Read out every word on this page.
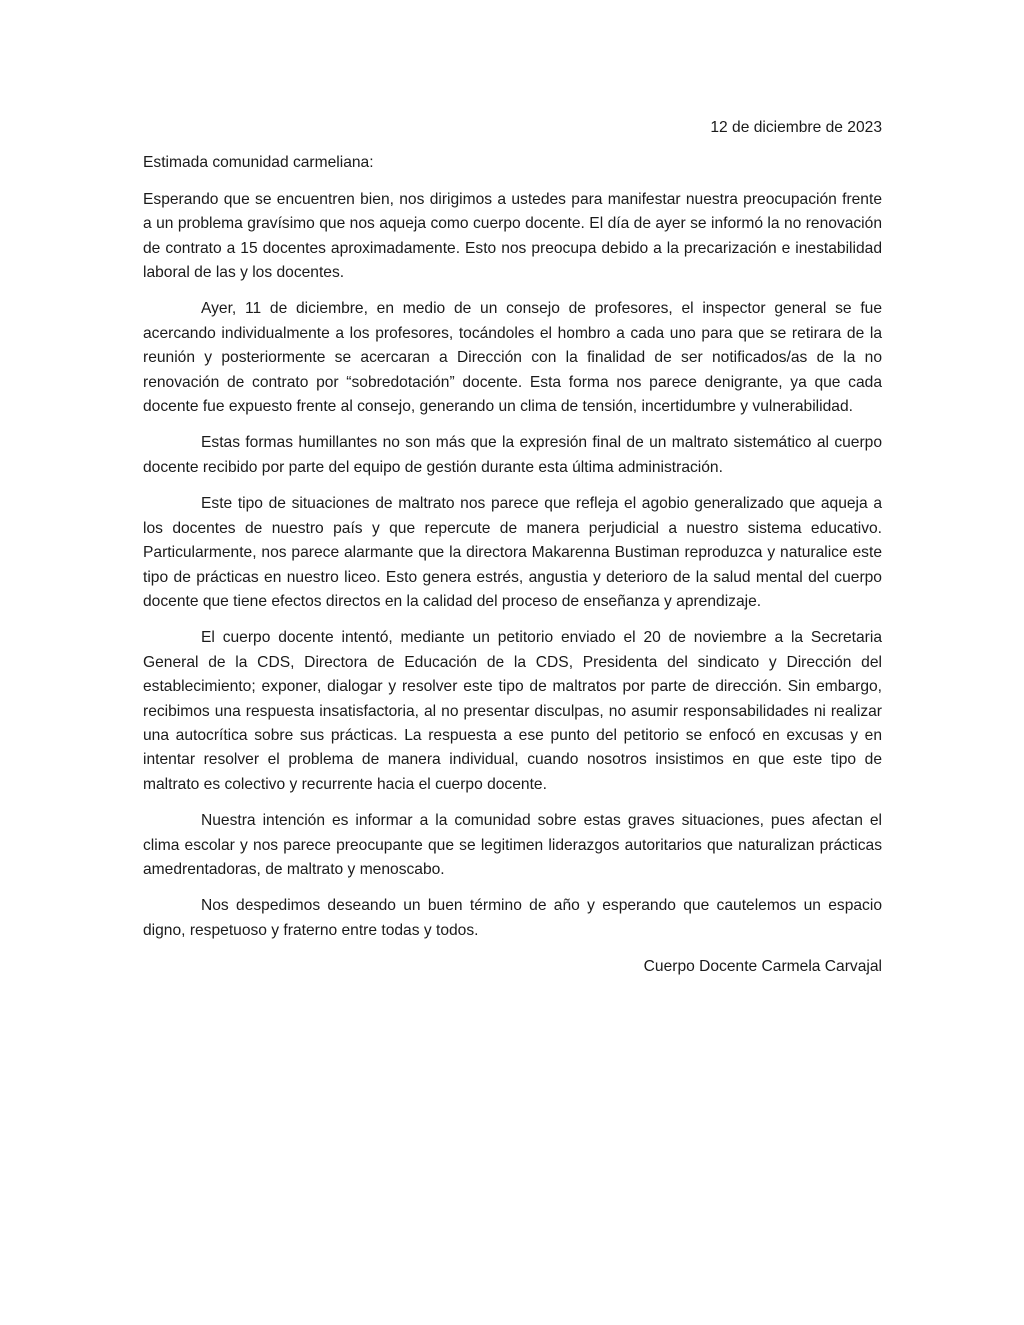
12 de diciembre de 2023

Estimada comunidad carmeliana:

Esperando que se encuentren bien, nos dirigimos a ustedes para manifestar nuestra preocupación frente a un problema gravísimo que nos aqueja como cuerpo docente. El día de ayer se informó la no renovación de contrato a 15 docentes aproximadamente. Esto nos preocupa debido a la precarización e inestabilidad laboral de las y los docentes.

Ayer, 11 de diciembre, en medio de un consejo de profesores, el inspector general se fue acercando individualmente a los profesores, tocándoles el hombro a cada uno para que se retirara de la reunión y posteriormente se acercaran a Dirección con la finalidad de ser notificados/as de la no renovación de contrato por “sobredotación” docente. Esta forma nos parece denigrante, ya que cada docente fue expuesto frente al consejo, generando un clima de tensión, incertidumbre y vulnerabilidad.

Estas formas humillantes no son más que la expresión final de un maltrato sistemático al cuerpo docente recibido por parte del equipo de gestión durante esta última administración.

Este tipo de situaciones de maltrato nos parece que refleja el agobio generalizado que aqueja a los docentes de nuestro país y que repercute de manera perjudicial a nuestro sistema educativo. Particularmente, nos parece alarmante que la directora Makarenna Bustiman reproduzca y naturalice este tipo de prácticas en nuestro liceo. Esto genera estrés, angustia y deterioro de la salud mental del cuerpo docente que tiene efectos directos en la calidad del proceso de enseñanza y aprendizaje.

El cuerpo docente intentó, mediante un petitorio enviado el 20 de noviembre a la Secretaria General de la CDS, Directora de Educación de la CDS, Presidenta del sindicato y Dirección del establecimiento; exponer, dialogar y resolver este tipo de maltratos por parte de dirección. Sin embargo, recibimos una respuesta insatisfactoria, al no presentar disculpas, no asumir responsabilidades ni realizar una autocrítica sobre sus prácticas. La respuesta a ese punto del petitorio se enfocó en excusas y en intentar resolver el problema de manera individual, cuando nosotros insistimos en que este tipo de maltrato es colectivo y recurrente hacia el cuerpo docente.

Nuestra intención es informar a la comunidad sobre estas graves situaciones, pues afectan el clima escolar y nos parece preocupante que se legitimen liderazgos autoritarios que naturalizan prácticas amedrentadoras, de maltrato y menoscabo.

Nos despedimos deseando un buen término de año y esperando que cautelemos un espacio digno, respetuoso y fraterno entre todas y todos.

Cuerpo Docente Carmela Carvajal
